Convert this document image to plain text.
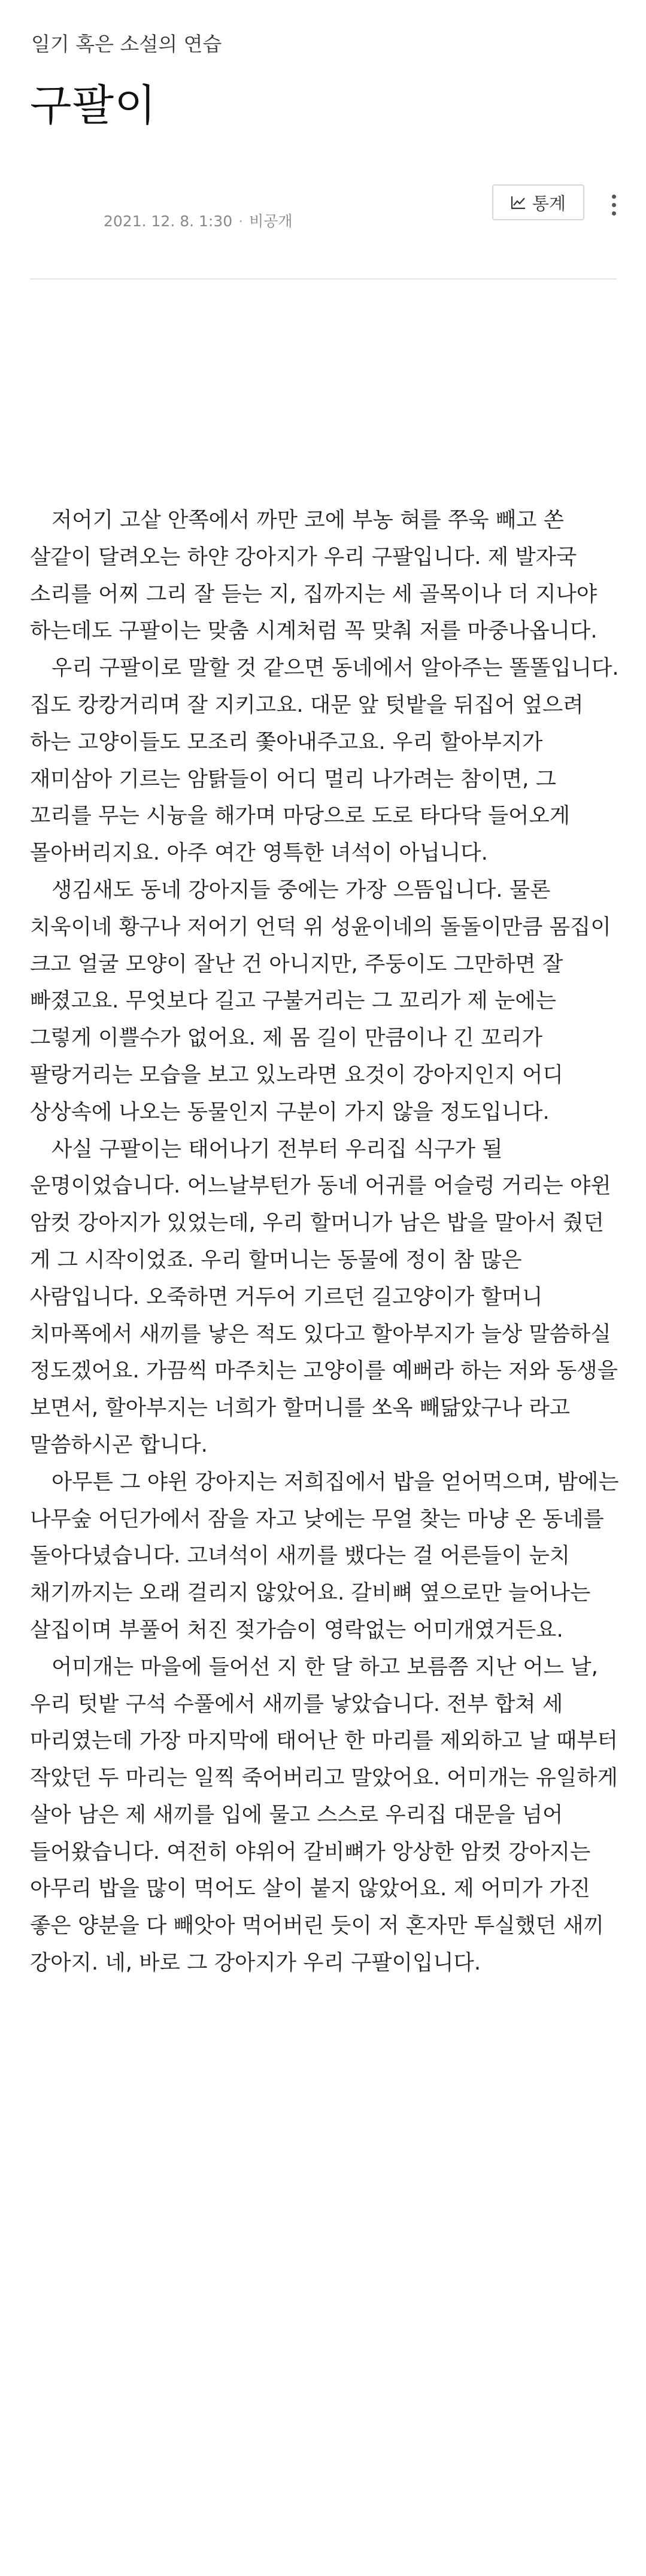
일기 혹은 소설의 연습
구팔이
2021. 12. 8. 1:30 · 비공개
통계

저어기 고샅 안쪽에서 까만 코에 부농 혀를 쭈욱 빼고 쏜 살같이 달려오는 하얀 강아지가 우리 구팔입니다. 제 발자국 소리를 어찌 그리 잘 듣는 지, 집까지는 세 골목이나 더 지나야 하는데도 구팔이는 맞춤 시계처럼 꼭 맞춰 저를 마중나옵니다.

우리 구팔이로 말할 것 같으면 동네에서 알아주는 똘똘입니다. 집도 캉캉거리며 잘 지키고요. 대문 앞 텃밭을 뒤집어 엎으려 하는 고양이들도 모조리 쫓아내주고요. 우리 할아부지가 재미삼아 기르는 암탉들이 어디 멀리 나가려는 참이면, 그 꼬리를 무는 시늉을 해가며 마당으로 도로 타다닥 들어오게 몰아버리지요. 아주 여간 영특한 녀석이 아닙니다.

생김새도 동네 강아지들 중에는 가장 으뜸입니다. 물론 치욱이네 황구나 저어기 언덕 위 성윤이네의 돌돌이만큼 몸집이 크고 얼굴 모양이 잘난 건 아니지만, 주둥이도 그만하면 잘 빠졌고요. 무엇보다 길고 구불거리는 그 꼬리가 제 눈에는 그렇게 이쁠수가 없어요. 제 몸 길이 만큼이나 긴 꼬리가 팔랑거리는 모습을 보고 있노라면 요것이 강아지인지 어디 상상속에 나오는 동물인지 구분이 가지 않을 정도입니다.

사실 구팔이는 태어나기 전부터 우리집 식구가 될 운명이었습니다. 어느날부턴가 동네 어귀를 어슬렁 거리는 야윈 암컷 강아지가 있었는데, 우리 할머니가 남은 밥을 말아서 줬던 게 그 시작이었죠. 우리 할머니는 동물에 정이 참 많은 사람입니다. 오죽하면 거두어 기르던 길고양이가 할머니 치마폭에서 새끼를 낳은 적도 있다고 할아부지가 늘상 말씀하실 정도겠어요. 가끔씩 마주치는 고양이를 예뻐라 하는 저와 동생을 보면서, 할아부지는 너희가 할머니를 쏘옥 빼닮았구나 라고 말씀하시곤 합니다.

아무튼 그 야윈 강아지는 저희집에서 밥을 얻어먹으며, 밤에는 나무숲 어딘가에서 잠을 자고 낮에는 무얼 찾는 마냥 온 동네를 돌아다녔습니다. 고녀석이 새끼를 뱄다는 걸 어른들이 눈치 채기까지는 오래 걸리지 않았어요. 갈비뼈 옆으로만 늘어나는 살집이며 부풀어 처진 젖가슴이 영락없는 어미개였거든요.

어미개는 마을에 들어선 지 한 달 하고 보름쯤 지난 어느 날, 우리 텃밭 구석 수풀에서 새끼를 낳았습니다. 전부 합쳐 세 마리였는데 가장 마지막에 태어난 한 마리를 제외하고 날 때부터 작았던 두 마리는 일찍 죽어버리고 말았어요. 어미개는 유일하게 살아 남은 제 새끼를 입에 물고 스스로 우리집 대문을 넘어 들어왔습니다. 여전히 야위어 갈비뼈가 앙상한 암컷 강아지는 아무리 밥을 많이 먹어도 살이 붙지 않았어요. 제 어미가 가진 좋은 양분을 다 빼앗아 먹어버린 듯이 저 혼자만 투실했던 새끼 강아지. 네, 바로 그 강아지가 우리 구팔이입니다.
